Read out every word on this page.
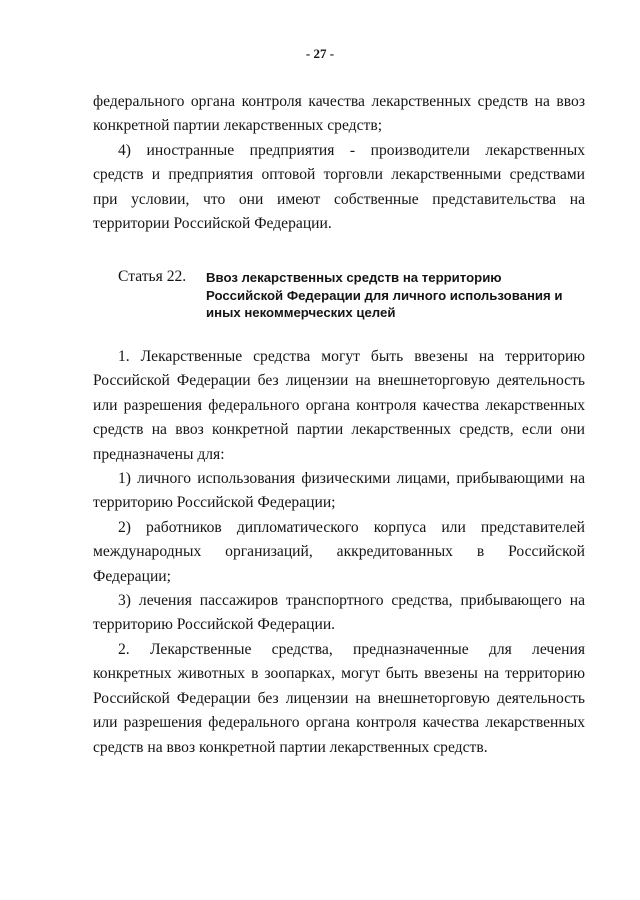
- 27 -
федерального органа контроля качества лекарственных средств на ввоз
конкретной партии лекарственных средств;
4) иностранные предприятия - производители лекарственных
средств и предприятия оптовой торговли лекарственными средствами
при условии, что они имеют собственные представительства на
территории Российской Федерации.
Статья 22. Ввоз лекарственных средств на территорию
Российской Федерации для личного использования и
иных некоммерческих целей
1. Лекарственные средства могут быть ввезены на территорию
Российской Федерации без лицензии на внешнеторговую деятельность
или разрешения федерального органа контроля качества лекарственных
средств на ввоз конкретной партии лекарственных средств, если они
предназначены для:
1) личного использования физическими лицами, прибывающими на
территорию Российской Федерации;
2) работников дипломатического корпуса или представителей
международных организаций, аккредитованных в Российской
Федерации;
3) лечения пассажиров транспортного средства, прибывающего на
территорию Российской Федерации.
2. Лекарственные средства, предназначенные для лечения
конкретных животных в зоопарках, могут быть ввезены на территорию
Российской Федерации без лицензии на внешнеторговую деятельность
или разрешения федерального органа контроля качества лекарственных
средств на ввоз конкретной партии лекарственных средств.
